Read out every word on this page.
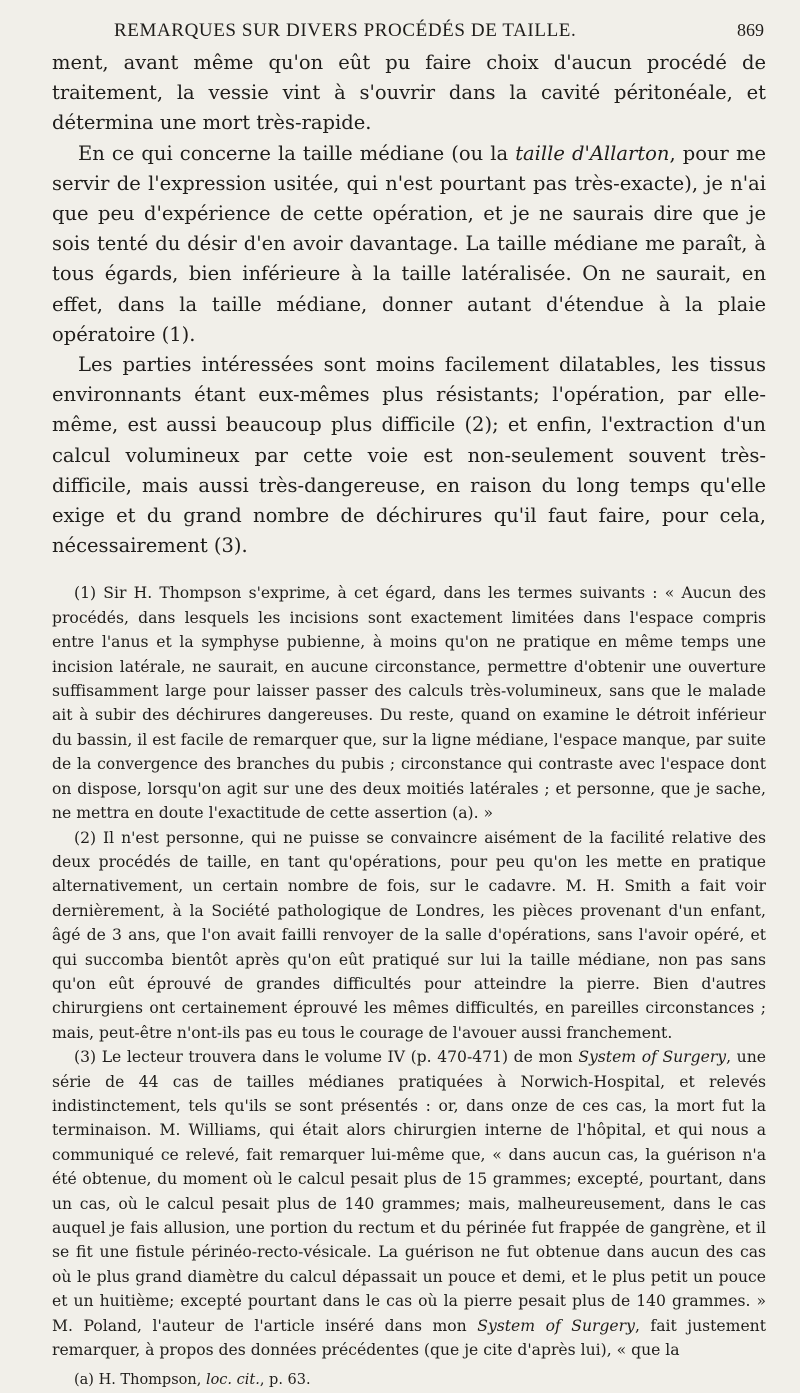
REMARQUES SUR DIVERS PROCÉDÉS DE TAILLE.	869

ment, avant même qu'on eût pu faire choix d'aucun procédé de traitement, la vessie vint à s'ouvrir dans la cavité péritonéale, et détermina une mort très-rapide.

En ce qui concerne la taille médiane (ou la taille d'Allarton, pour me servir de l'expression usitée, qui n'est pourtant pas très-exacte), je n'ai que peu d'expérience de cette opération, et je ne saurais dire que je sois tenté du désir d'en avoir davantage. La taille médiane me paraît, à tous égards, bien inférieure à la taille latéralisée. On ne saurait, en effet, dans la taille médiane, donner autant d'étendue à la plaie opératoire (1).

Les parties intéressées sont moins facilement dilatables, les tissus environnants étant eux-mêmes plus résistants; l'opération, par elle-même, est aussi beaucoup plus difficile (2); et enfin, l'extraction d'un calcul volumineux par cette voie est non-seulement souvent très-difficile, mais aussi très-dangereuse, en raison du long temps qu'elle exige et du grand nombre de déchirures qu'il faut faire, pour cela, nécessairement (3).

(1) Sir H. Thompson s'exprime, à cet égard, dans les termes suivants : « Aucun des procédés, dans lesquels les incisions sont exactement limitées dans l'espace compris entre l'anus et la symphyse pubienne, à moins qu'on ne pratique en même temps une incision latérale, ne saurait, en aucune circonstance, permettre d'obtenir une ouverture suffisamment large pour laisser passer des calculs très-volumineux, sans que le malade ait à subir des déchirures dangereuses. Du reste, quand on examine le détroit inférieur du bassin, il est facile de remarquer que, sur la ligne médiane, l'espace manque, par suite de la convergence des branches du pubis ; circonstance qui contraste avec l'espace dont on dispose, lorsqu'on agit sur une des deux moitiés latérales ; et personne, que je sache, ne mettra en doute l'exactitude de cette assertion (a). »

(2) Il n'est personne, qui ne puisse se convaincre aisément de la facilité relative des deux procédés de taille, en tant qu'opérations, pour peu qu'on les mette en pratique alternativement, un certain nombre de fois, sur le cadavre. M. H. Smith a fait voir dernièrement, à la Société pathologique de Londres, les pièces provenant d'un enfant, âgé de 3 ans, que l'on avait failli renvoyer de la salle d'opérations, sans l'avoir opéré, et qui succomba bientôt après qu'on eût pratiqué sur lui la taille médiane, non pas sans qu'on eût éprouvé de grandes difficultés pour atteindre la pierre. Bien d'autres chirurgiens ont certainement éprouvé les mêmes difficultés, en pareilles circonstances ; mais, peut-être n'ont-ils pas eu tous le courage de l'avouer aussi franchement.

(3) Le lecteur trouvera dans le volume IV (p. 470-471) de mon System of Surgery, une série de 44 cas de tailles médianes pratiquées à Norwich-Hospital, et relevés indistinctement, tels qu'ils se sont présentés : or, dans onze de ces cas, la mort fut la terminaison. M. Williams, qui était alors chirurgien interne de l'hôpital, et qui nous a communiqué ce relevé, fait remarquer lui-même que, « dans aucun cas, la guérison n'a été obtenue, du moment où le calcul pesait plus de 15 grammes; excepté, pourtant, dans un cas, où le calcul pesait plus de 140 grammes; mais, malheureusement, dans le cas auquel je fais allusion, une portion du rectum et du périnée fut frappée de gangrène, et il se fit une fistule périnéo-recto-vésicale. La guérison ne fut obtenue dans aucun des cas où le plus grand diamètre du calcul dépassait un pouce et demi, et le plus petit un pouce et un huitième; excepté pourtant dans le cas où la pierre pesait plus de 140 grammes. » M. Poland, l'auteur de l'article inséré dans mon System of Surgery, fait justement remarquer, à propos des données précédentes (que je cite d'après lui), « que la

(a) H. Thompson, loc. cit., p. 63.
